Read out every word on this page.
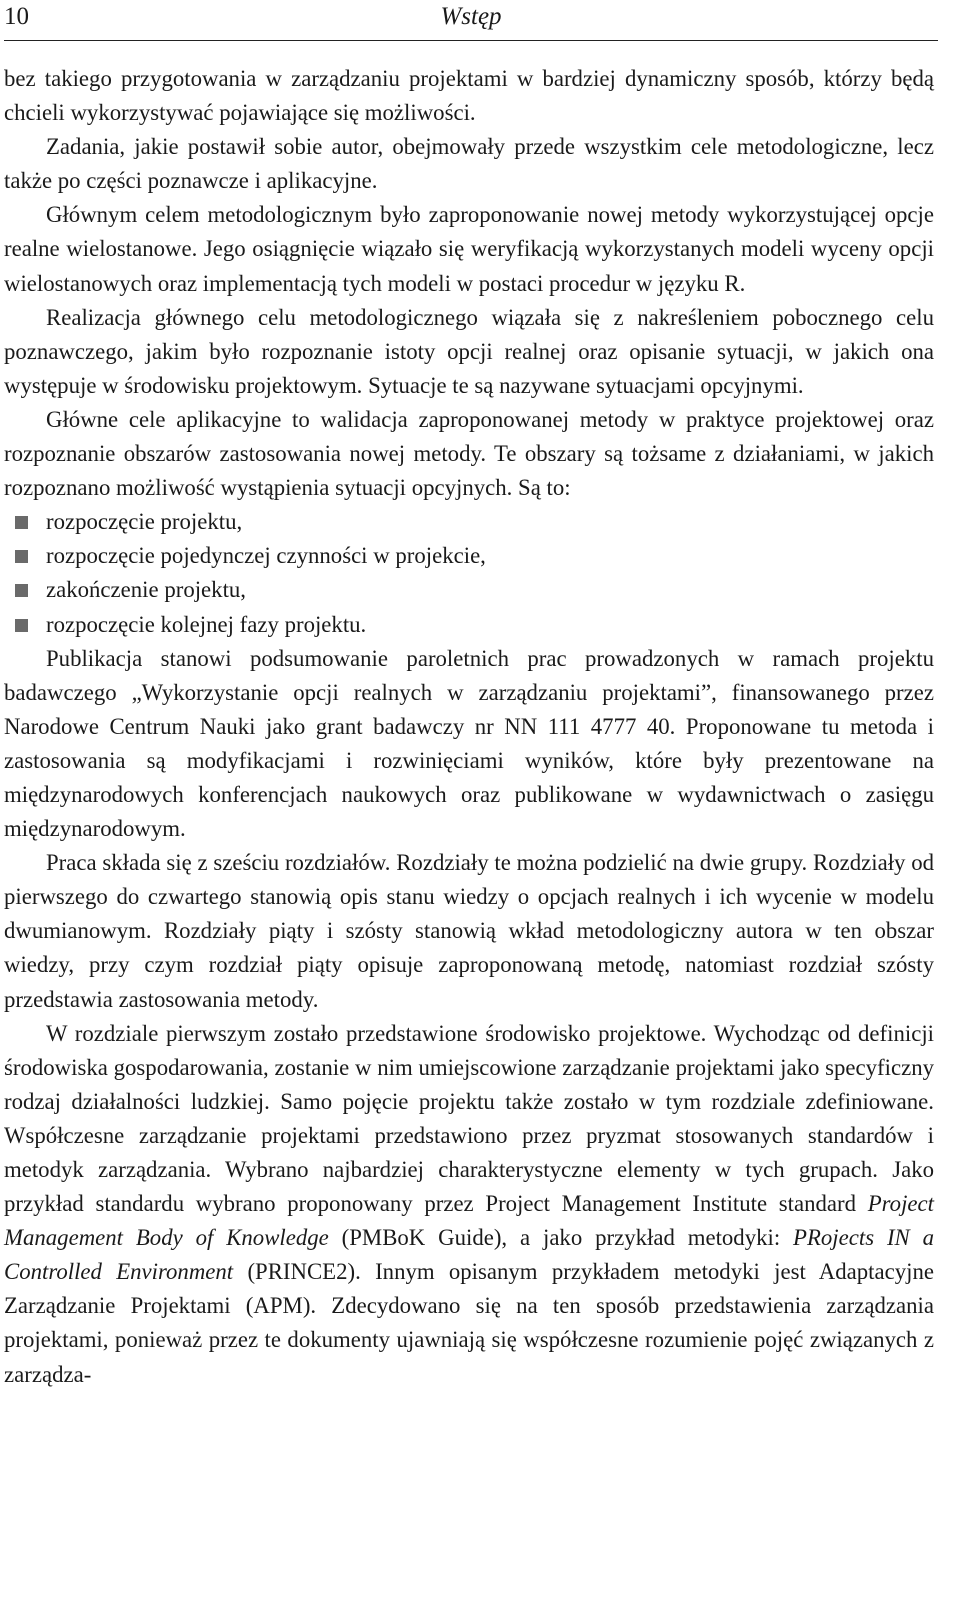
10	Wstęp

bez takiego przygotowania w zarządzaniu projektami w bardziej dynamiczny sposób, którzy będą chcieli wykorzystywać pojawiające się możliwości.

Zadania, jakie postawił sobie autor, obejmowały przede wszystkim cele metodologiczne, lecz także po części poznawcze i aplikacyjne.

Głównym celem metodologicznym było zaproponowanie nowej metody wykorzystującej opcje realne wielostanowe. Jego osiągnięcie wiązało się weryfikacją wykorzystanych modeli wyceny opcji wielostanowych oraz implementacją tych modeli w postaci procedur w języku R.

Realizacja głównego celu metodologicznego wiązała się z nakreśleniem pobocznego celu poznawczego, jakim było rozpoznanie istoty opcji realnej oraz opisanie sytuacji, w jakich ona występuje w środowisku projektowym. Sytuacje te są nazywane sytuacjami opcyjnymi.

Główne cele aplikacyjne to walidacja zaproponowanej metody w praktyce projektowej oraz rozpoznanie obszarów zastosowania nowej metody. Te obszary są tożsame z działaniami, w jakich rozpoznano możliwość wystąpienia sytuacji opcyjnych. Są to:

rozpoczęcie projektu,
rozpoczęcie pojedynczej czynności w projekcie,
zakończenie projektu,
rozpoczęcie kolejnej fazy projektu.

Publikacja stanowi podsumowanie paroletnich prac prowadzonych w ramach projektu badawczego „Wykorzystanie opcji realnych w zarządzaniu projektami”, finansowanego przez Narodowe Centrum Nauki jako grant badawczy nr NN 111 4777 40. Proponowane tu metoda i zastosowania są modyfikacjami i rozwinięciami wyników, które były prezentowane na międzynarodowych konferencjach naukowych oraz publikowane w wydawnictwach o zasięgu międzynarodowym.

Praca składa się z sześciu rozdziałów. Rozdziały te można podzielić na dwie grupy. Rozdziały od pierwszego do czwartego stanowią opis stanu wiedzy o opcjach realnych i ich wycenie w modelu dwumianowym. Rozdziały piąty i szósty stanowią wkład metodologiczny autora w ten obszar wiedzy, przy czym rozdział piąty opisuje zaproponowaną metodę, natomiast rozdział szósty przedstawia zastosowania metody.

W rozdziale pierwszym zostało przedstawione środowisko projektowe. Wychodząc od definicji środowiska gospodarowania, zostanie w nim umiejscowione zarządzanie projektami jako specyficzny rodzaj działalności ludzkiej. Samo pojęcie projektu także zostało w tym rozdziale zdefiniowane. Współczesne zarządzanie projektami przedstawiono przez pryzmat stosowanych standardów i metodyk zarządzania. Wybrano najbardziej charakterystyczne elementy w tych grupach. Jako przykład standardu wybrano proponowany przez Project Management Institute standard Project Management Body of Knowledge (PMBoK Guide), a jako przykład metodyki: PRojects IN a Controlled Environment (PRINCE2). Innym opisanym przykładem metodyki jest Adaptacyjne Zarządzanie Projektami (APM). Zdecydowano się na ten sposób przedstawienia zarządzania projektami, ponieważ przez te dokumenty ujawniają się współczesne rozumienie pojęć związanych z zarządza-
